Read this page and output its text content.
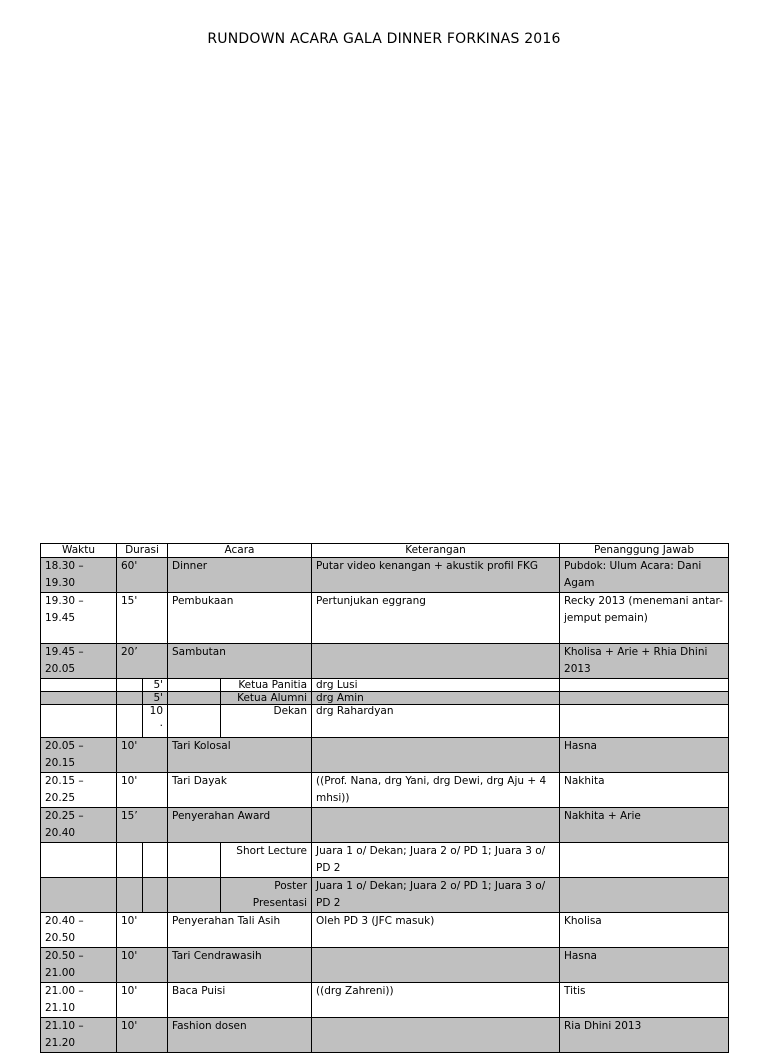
RUNDOWN ACARA GALA DINNER FORKINAS 2016
Waktu	Durasi		Acara		Keterangan	Penanggung Jawab
18.30 – 19.30	60'		Dinner		Putar video kenangan + akustik profil FKG	Pubdok: Ulum Acara: Dani Agam
19.30 – 19.45	15'		Pembukaan		Pertunjukan eggrang	Recky 2013 (menemani antar-jemput pemain)
19.45 – 20.05	20’		Sambutan			Kholisa + Arie + Rhia Dhini 2013
		5'		Ketua Panitia	drg Lusi	
		5'		Ketua Alumni	drg Amin	
		10 .		Dekan	drg Rahardyan	
20.05 – 20.15	10'		Tari Kolosal			Hasna
20.15 – 20.25	10'		Tari Dayak		((Prof. Nana, drg Yani, drg Dewi, drg Aju + 4 mhsi))	Nakhita
20.25 – 20.40	15’		Penyerahan Award			Nakhita + Arie
				Short Lecture	Juara 1 o/ Dekan; Juara 2 o/ PD 1; Juara 3 o/ PD 2	
				Poster Presentasi	Juara 1 o/ Dekan; Juara 2 o/ PD 1; Juara 3 o/ PD 2	
20.40 – 20.50	10'		Penyerahan Tali Asih		Oleh PD 3 (JFC masuk)	Kholisa
20.50 – 21.00	10'		Tari Cendrawasih			Hasna
21.00 – 21.10	10'		Baca Puisi		((drg Zahreni))	Titis
21.10 – 21.20	10'		Fashion dosen			Ria Dhini 2013
